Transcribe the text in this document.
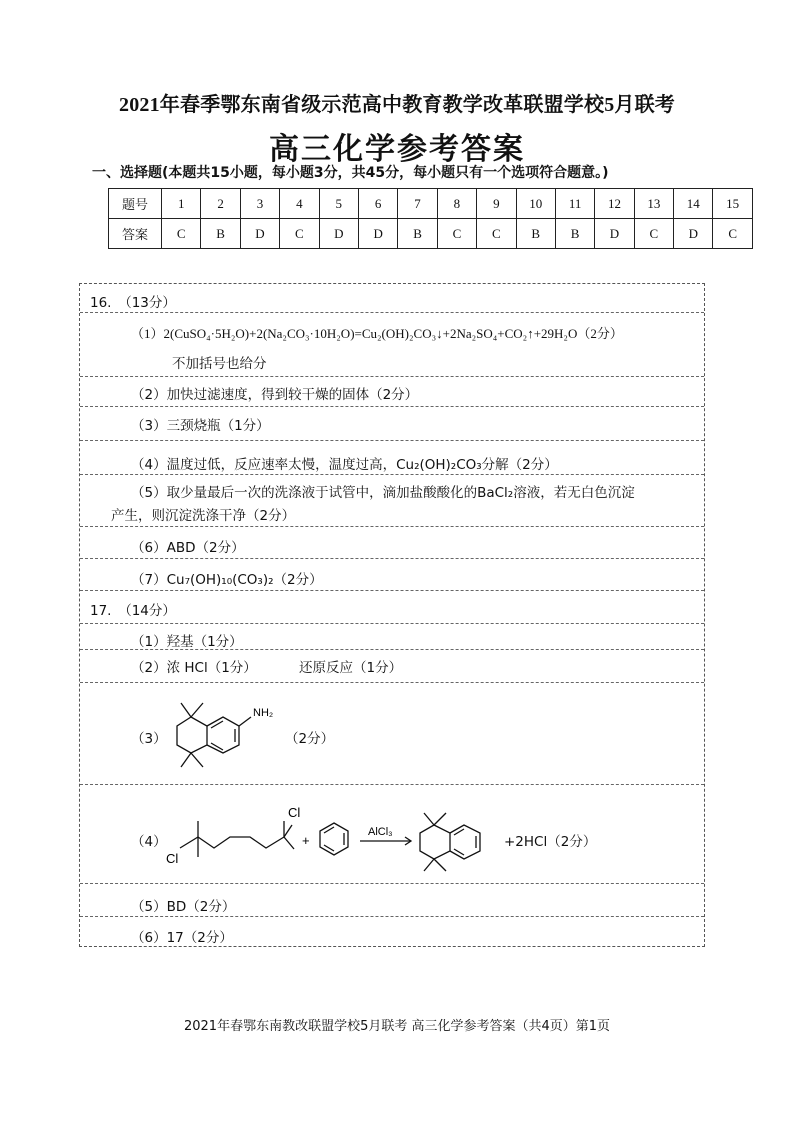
2021年春季鄂东南省级示范高中教育教学改革联盟学校5月联考
高三化学参考答案
一、选择题(本题共15小题，每小题3分，共45分，每小题只有一个选项符合题意。)
题号	1	2	3	4	5	6	7	8	9	10	11	12	13	14	15
答案	C	B	D	C	D	D	B	C	C	B	B	D	C	D	C
16.　（13分）
（1）2(CuSO₄·5H₂O)+2(Na₂CO₃·10H₂O)=Cu₂(OH)₂CO₃↓+2Na₂SO₄+CO₂↑+29H₂O（2分）
不加括号也给分
（2）加快过滤速度，得到较干燥的固体（2分）
（3）三颈烧瓶（1分）
（4）温度过低，反应速率太慢，温度过高，Cu₂(OH)₂CO₃分解（2分）
（5）取少量最后一次的洗涤液于试管中，滴加盐酸酸化的BaCl₂溶液，若无白色沉淀
产生，则沉淀洗涤干净（2分）
（6）ABD（2分）
（7）Cu₇(OH)₁₀(CO₃)₂（2分）
17.　（14分）
（1）羟基（1分）
（2）浓 HCl（1分）	还原反应（1分）
（3）
NH₂
（2分）
（4）
Cl
Cl
+
AlCl₃
+2HCl（2分）
（5）BD（2分）
（6）17（2分）
2021年春鄂东南教改联盟学校5月联考 高三化学参考答案（共4页）第1页
